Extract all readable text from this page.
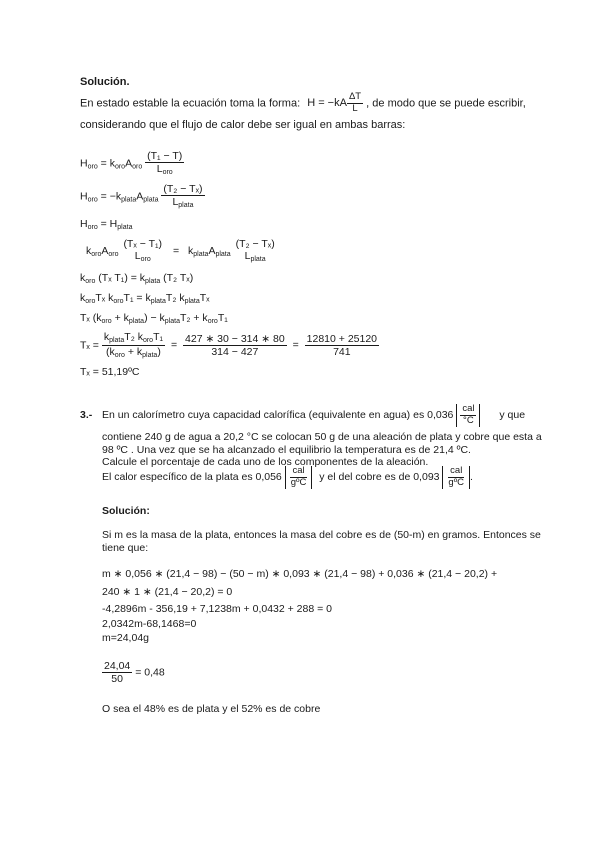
Solución.
En estado estable la ecuación toma la forma: $H = -kA \frac{\Delta T}{L}$ , de modo que se puede escribir,
considerando que el flujo de calor debe ser igual en ambas barras:
$H_{oro} = k_{oro}A_{oro} \frac{\text{(T₁ − T)}}{L_{oro}}$
$H_{oro} = -k_{plata}A_{plata} \frac{\text{(T₂ − Tₓ)}}{L_{plata}}$
$H_{oro} = H_{plata}$
$k_{oro}A_{oro}$
(Tₓ − T₁)
$L_{oro}$
= $k_{plata}A_{plata}$
(T₂ − Tₓ)
$L_{plata}$
$k_{oro}$ (Tₓ $T_1) = k_{plata}$ (T₂ Tₓ)
$k_{oro}T_x$ $k_{oro}T_1 = k_{plata}T_2$ $k_{plata}T_x$
Tₓ $(k_{oro} + k_{plata}) - k_{plata}T_2 + k_{oro}T_1$
$T_x = \frac{k_{plata}T_2 k_{oro}T_1}{(k_{oro} + k_{plata})} = \frac{427 ∗ 30 - 314 ∗ 80}{314 - 427} = \frac{12810 + 25120}{741}$
Tₓ = 51,19ºC
3.- En un calorímetro cuya capacidad calorífica (equivalente en agua) es $0,036 \frac{\text{cal}}{^\circ C}$ y que
contiene 240 g de agua a 20,2 °C se colocan 50 g de una aleación de plata y cobre que esta a
98 ºC . Una vez que se ha alcanzado el equilibrio la temperatura es de 21,4 ºC.
Calcule el porcentaje de cada uno de los componentes de la aleación.
El calor específico de la plata es $0,056 \frac{\text{cal}}{\text{gºC}}$ y el del cobre es de $0,093 \frac{\text{cal}}{\text{gºC}}$ .
Solución:
Si m es la masa de la plata, entonces la masa del cobre es de (50-m) en gramos. Entonces se
tiene que:
m ∗ 0,056 ∗ (21,4 − 98) − (50 − m) ∗ 0,093 ∗ (21,4 − 98) + 0,036 ∗ (21,4 − 20,2) +
240 ∗ 1 ∗ (21,4 − 20,2) = 0
-4,2896m - 356,19 + 7,1238m + 0,0432 + 288 = 0
2,0342m-68,1468=0
m=24,04g
$\frac{24,04}{50} = 0,48$
O sea el 48% es de plata y el 52% es de cobre
